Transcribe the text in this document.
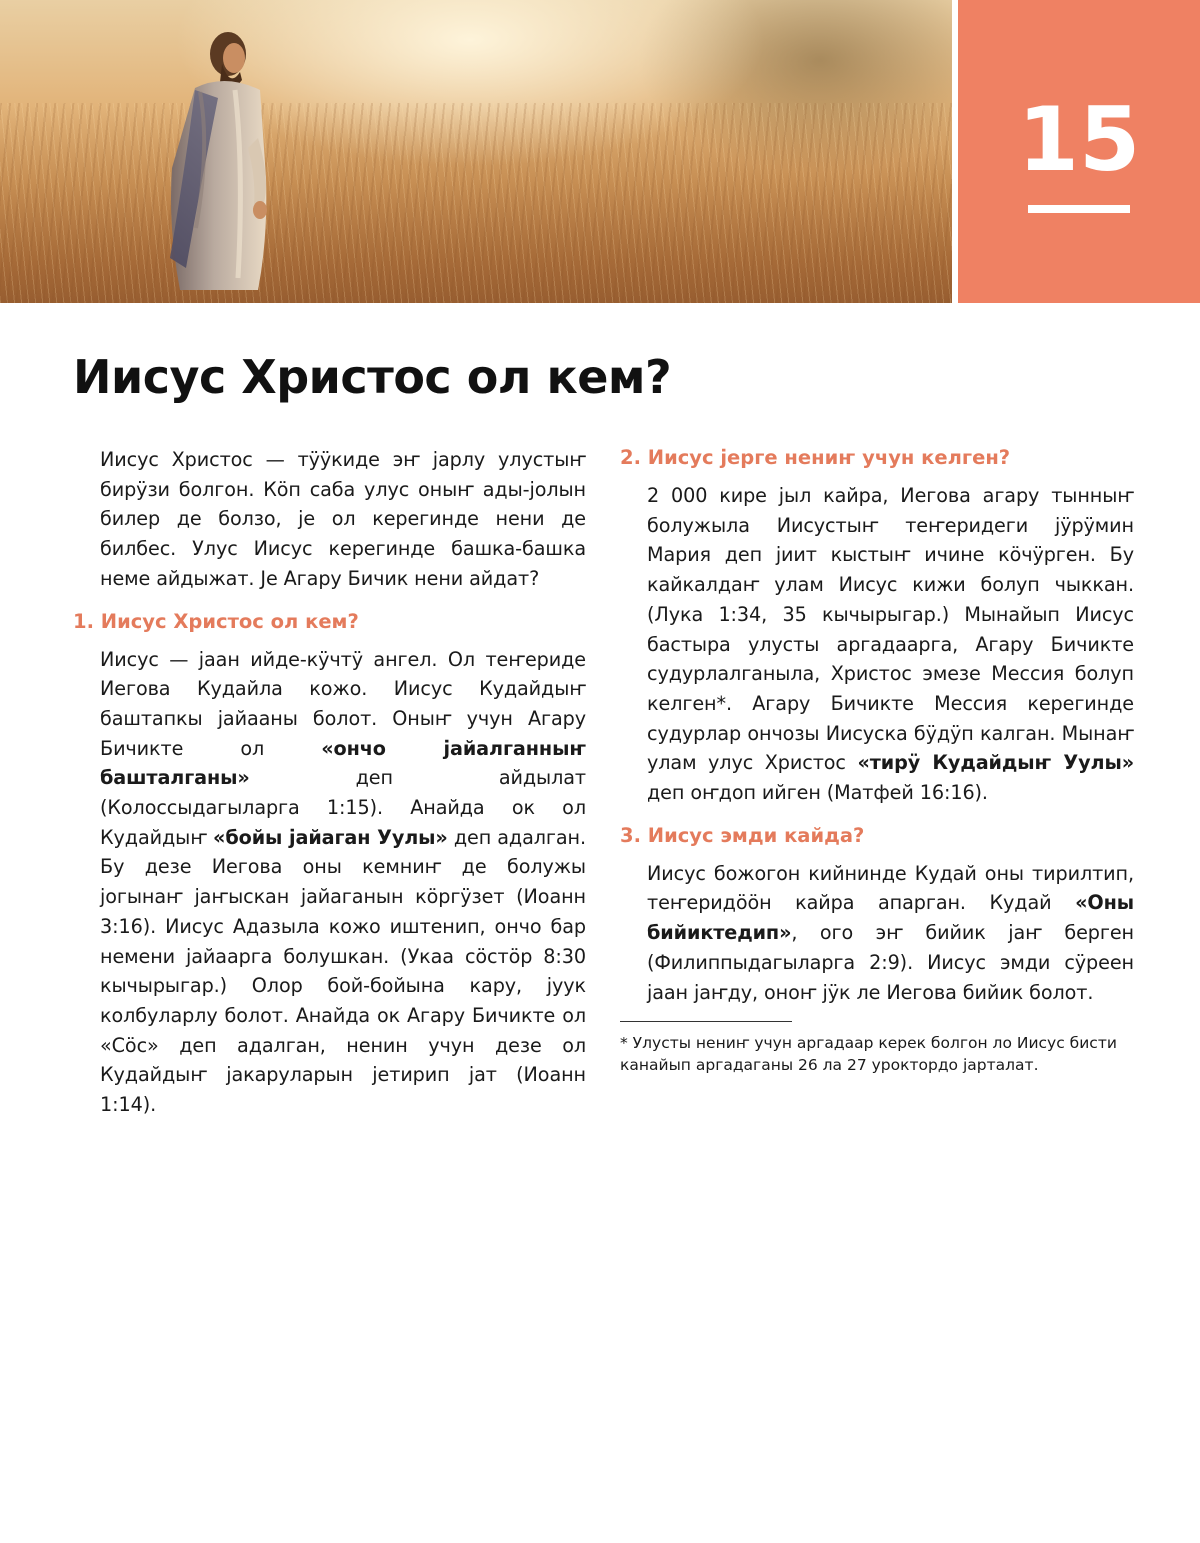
15
Иисус Христос ол кем?

Иисус Христос — тӱӱкиде эҥ јарлу улустыҥ бирӱзи болгон. Кӧп саба улус оныҥ ады-јолын билер де болзо, је ол керегинде нени де билбес. Улус Иисус керегинде башка-башка неме айдыжат. Је Агару Бичик нени айдат?

1. Иисус Христос ол кем?

Иисус — јаан ийде-кӱчтӱ ангел. Ол теҥериде Иегова Кудайла кожо. Иисус Кудайдыҥ баштапкы јайааны болот. Оныҥ учун Агару Бичикте ол «ончо јайалганныҥ башталганы» деп айдылат (Колоссыдагыларга 1:15). Анайда ок ол Кудайдыҥ «бойы јайаган Уулы» деп адалган. Бу дезе Иегова оны кемниҥ де болужы јогынаҥ јаҥыскан јайаганын кӧргӱзет (Иоанн 3:16). Иисус Адазыла кожо иштенип, ончо бар немени јайаарга болушкан. (Укаа сӧстӧр 8:30 кычырыгар.) Олор бой-бойына кару, јуук колбуларлу болот. Анайда ок Агару Бичикте ол «Сӧс» деп адалган, ненин учун дезе ол Кудайдыҥ јакаруларын јетирип јат (Иоанн 1:14).

2. Иисус јерге нениҥ учун келген?

2 000 кире јыл кайра, Иегова агару тынныҥ болужыла Иисустыҥ теҥеридеги јӱрӱмин Мария деп јиит кыстыҥ ичине кӧчӱрген. Бу кайкалдаҥ улам Иисус кижи болуп чыккан. (Лука 1:34, 35 кычырыгар.) Мынайып Иисус бастыра улусты аргадаарга, Агару Бичикте судурлалганыла, Христос эмезе Мессия болуп келген*. Агару Бичикте Мессия керегинде судурлар ончозы Иисуска бӱдӱп калган. Мынаҥ улам улус Христос «тирӱ Кудайдыҥ Уулы» деп оҥдоп ийген (Матфей 16:16).

3. Иисус эмди кайда?

Иисус божогон кийнинде Кудай оны тирилтип, теҥеридӧӧн кайра апарган. Кудай «Оны бийиктедип», ого эҥ бийик јаҥ берген (Филиппыдагыларга 2:9). Иисус эмди сӱреен јаан јаҥду, оноҥ јӱк ле Иегова бийик болот.

* Улусты нениҥ учун аргадаар керек болгон ло Иисус бисти канайып аргадаганы 26 ла 27 уроктордо јарталат.
